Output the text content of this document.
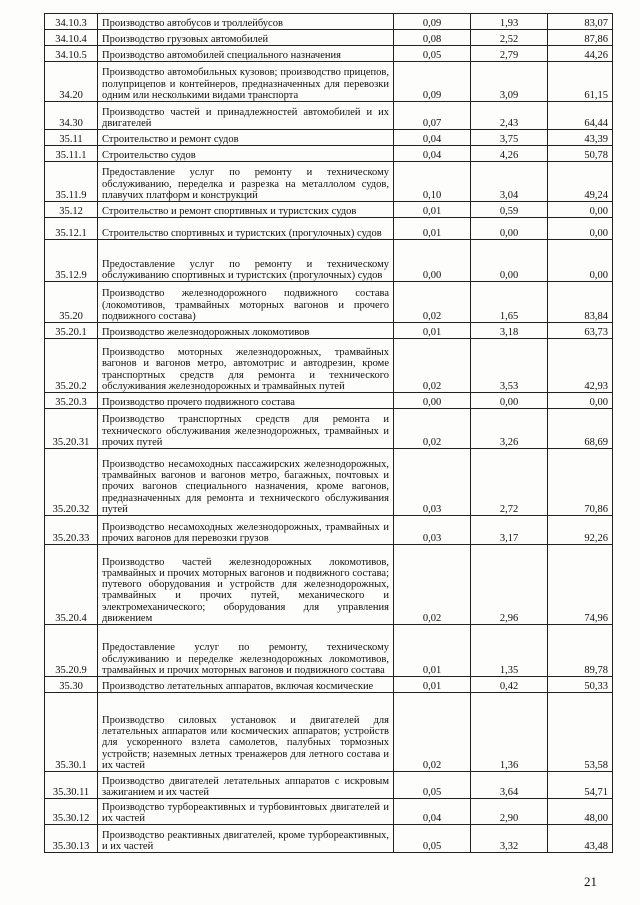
34.10.3	Производство автобусов и троллейбусов	0,09	1,93	83,07
34.10.4	Производство грузовых автомобилей	0,08	2,52	87,86
34.10.5	Производство автомобилей специального назначения	0,05	2,79	44,26
34.20	Производство автомобильных кузовов; производство прицепов, полуприцепов и контейнеров, предназначенных для перевозки одним или несколькими видами транспорта	0,09	3,09	61,15
34.30	Производство частей и принадлежностей автомобилей и их двигателей	0,07	2,43	64,44
35.11	Строительство и ремонт судов	0,04	3,75	43,39
35.11.1	Строительство судов	0,04	4,26	50,78
35.11.9	Предоставление услуг по ремонту и техническому обслуживанию, переделка и разрезка на металлолом судов, плавучих платформ и конструкций	0,10	3,04	49,24
35.12	Строительство и ремонт спортивных и туристских судов	0,01	0,59	0,00
35.12.1	Строительство спортивных и туристских (прогулочных) судов	0,01	0,00	0,00
35.12.9	Предоставление услуг по ремонту и техническому обслуживанию спортивных и туристских (прогулочных) судов	0,00	0,00	0,00
35.20	Производство железнодорожного подвижного состава (локомотивов, трамвайных моторных вагонов и прочего подвижного состава)	0,02	1,65	83,84
35.20.1	Производство железнодорожных локомотивов	0,01	3,18	63,73
35.20.2	Производство моторных железнодорожных, трамвайных вагонов и вагонов метро, автомотрис и автодрезин, кроме транспортных средств для ремонта и технического обслуживания железнодорожных и трамвайных путей	0,02	3,53	42,93
35.20.3	Производство прочего подвижного состава	0,00	0,00	0,00
35.20.31	Производство транспортных средств для ремонта и технического обслуживания железнодорожных, трамвайных и прочих путей	0,02	3,26	68,69
35.20.32	Производство несамоходных пассажирских железнодорожных, трамвайных вагонов и вагонов метро, багажных, почтовых и прочих вагонов специального назначения, кроме вагонов, предназначенных для ремонта и технического обслуживания путей	0,03	2,72	70,86
35.20.33	Производство несамоходных железнодорожных, трамвайных и прочих вагонов для перевозки грузов	0,03	3,17	92,26
35.20.4	Производство частей железнодорожных локомотивов, трамвайных и прочих моторных вагонов и подвижного состава; путевого оборудования и устройств для железнодорожных, трамвайных и прочих путей, механического и электромеханического; оборудования для управления движением	0,02	2,96	74,96
35.20.9	Предоставление услуг по ремонту, техническому обслуживанию и переделке железнодорожных локомотивов, трамвайных и прочих моторных вагонов и подвижного состава	0,01	1,35	89,78
35.30	Производство летательных аппаратов, включая космические	0,01	0,42	50,33
35.30.1	Производство силовых установок и двигателей для летательных аппаратов или космических аппаратов; устройств для ускоренного взлета самолетов, палубных тормозных устройств; наземных летных тренажеров для летного состава и их частей	0,02	1,36	53,58
35.30.11	Производство двигателей летательных аппаратов с искровым зажиганием и их частей	0,05	3,64	54,71
35.30.12	Производство турбореактивных и турбовинтовых двигателей и их частей	0,04	2,90	48,00
35.30.13	Производство реактивных двигателей, кроме турбореактивных, и их частей	0,05	3,32	43,48
21
